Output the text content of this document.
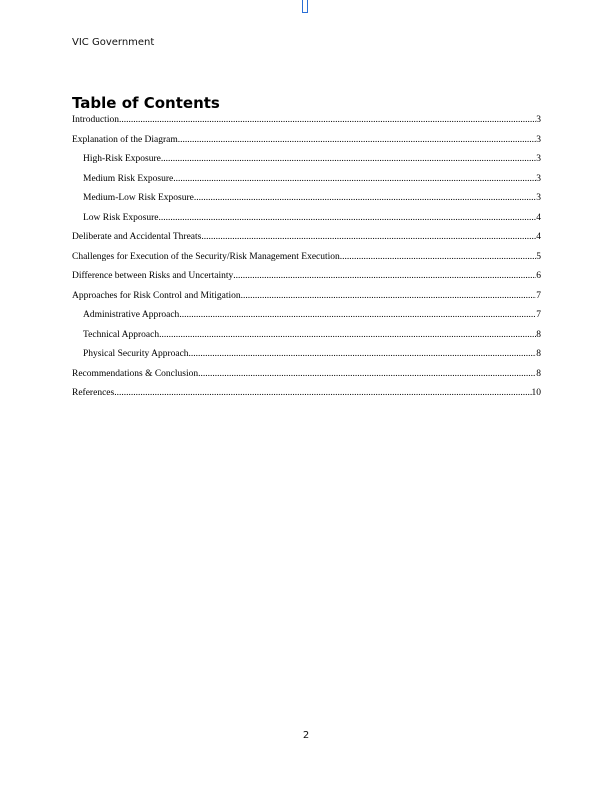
VIC Government
Table of Contents
Introduction .....	3
Explanation of the Diagram .....	3
High-Risk Exposure .....	3
Medium Risk Exposure .....	3
Medium-Low Risk Exposure .....	3
Low Risk Exposure .....	4
Deliberate and Accidental Threats .....	4
Challenges for Execution of the Security/Risk Management Execution .....	5
Difference between Risks and Uncertainty .....	6
Approaches for Risk Control and Mitigation .....	7
Administrative Approach .....	7
Technical Approach .....	8
Physical Security Approach .....	8
Recommendations & Conclusion .....	8
References .....	10
2
